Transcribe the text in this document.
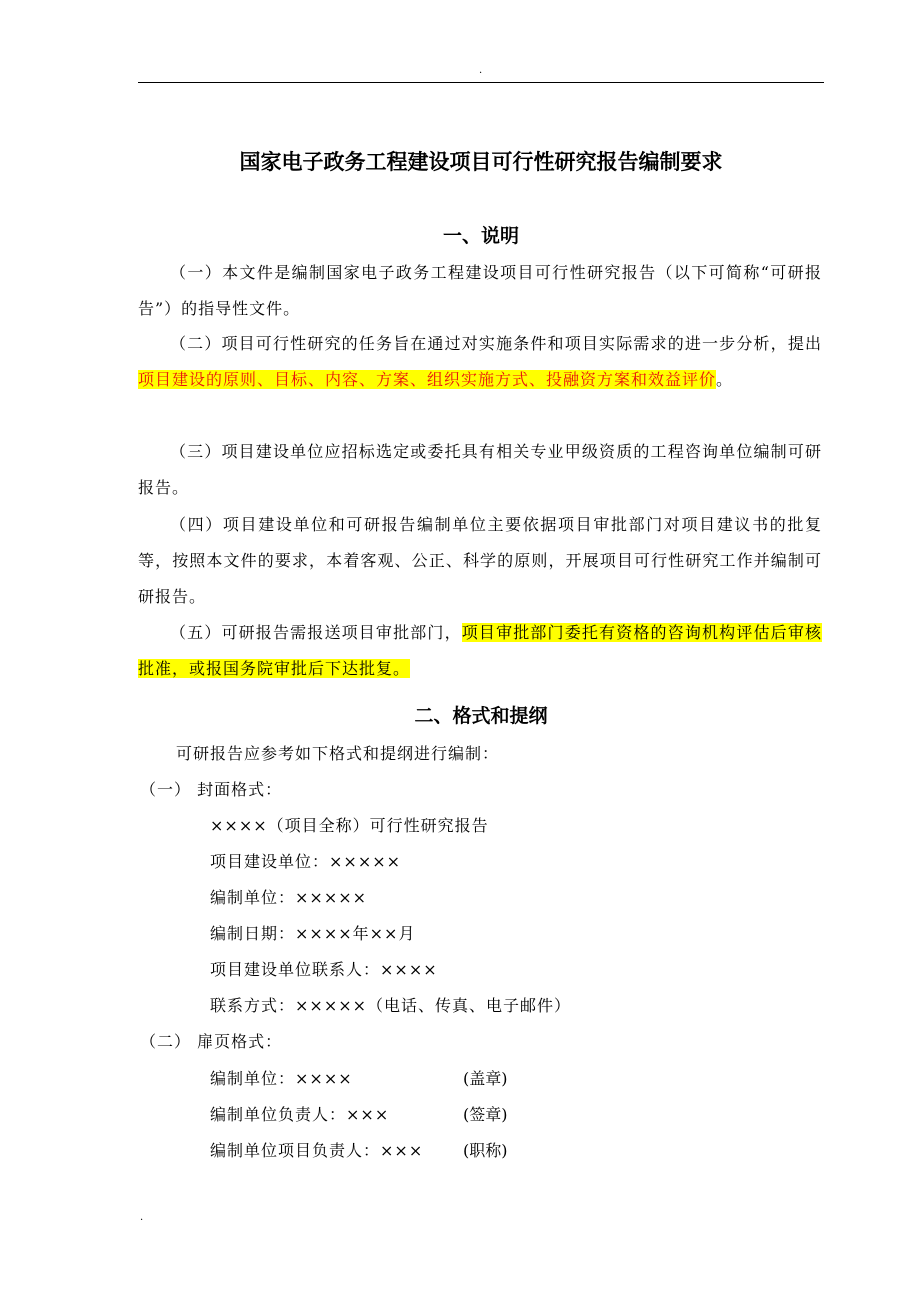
.
国家电子政务工程建设项目可行性研究报告编制要求
一、说明
（一）本文件是编制国家电子政务工程建设项目可行性研究报告（以下可简称“可研报告”）的指导性文件。
（二）项目可行性研究的任务旨在通过对实施条件和项目实际需求的进一步分析，提出项目建设的原则、目标、内容、方案、组织实施方式、投融资方案和效益评价。
（三）项目建设单位应招标选定或委托具有相关专业甲级资质的工程咨询单位编制可研报告。
（四）项目建设单位和可研报告编制单位主要依据项目审批部门对项目建议书的批复等，按照本文件的要求，本着客观、公正、科学的原则，开展项目可行性研究工作并编制可研报告。
（五）可研报告需报送项目审批部门，项目审批部门委托有资格的咨询机构评估后审核批准，或报国务院审批后下达批复。
二、格式和提纲
可研报告应参考如下格式和提纲进行编制：
（一） 封面格式：
××××（项目全称）可行性研究报告
项目建设单位：×××××
编制单位：×××××
编制日期：××××年××月
项目建设单位联系人：××××
联系方式：×××××（电话、传真、电子邮件）
（二） 扉页格式：
编制单位：××××	(盖章)
编制单位负责人：×××	(签章)
编制单位项目负责人：××× (职称)
.
